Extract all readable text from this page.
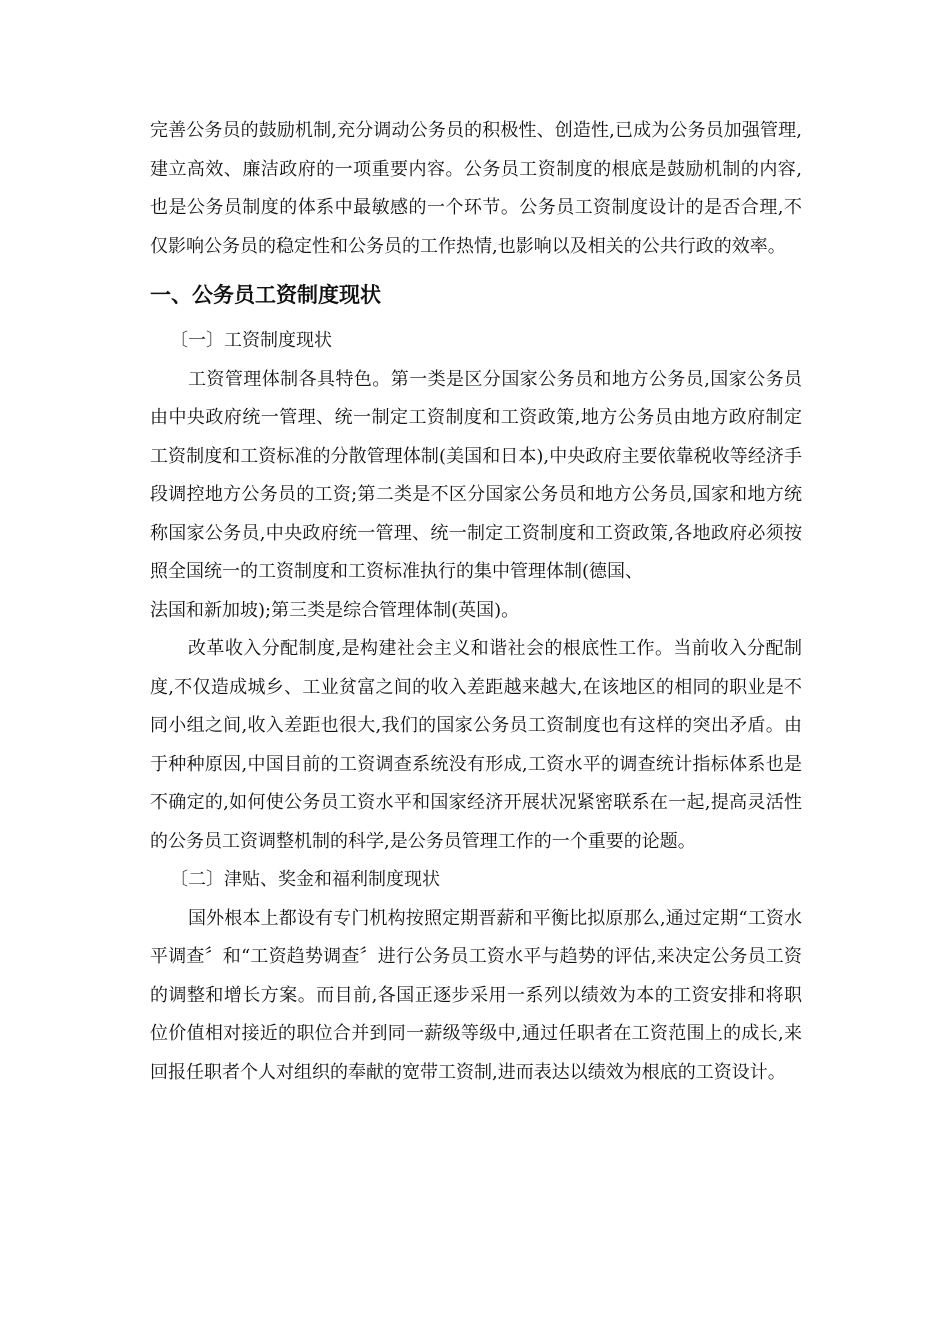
完善公务员的鼓励机制,充分调动公务员的积极性、创造性,已成为公务员加强管理,建立高效、廉洁政府的一项重要内容。公务员工资制度的根底是鼓励机制的内容,也是公务员制度的体系中最敏感的一个环节。公务员工资制度设计的是否合理,不仅影响公务员的稳定性和公务员的工作热情,也影响以及相关的公共行政的效率。

一、公务员工资制度现状

〔一〕工资制度现状

工资管理体制各具特色。第一类是区分国家公务员和地方公务员,国家公务员由中央政府统一管理、统一制定工资制度和工资政策,地方公务员由地方政府制定工资制度和工资标准的分散管理体制(美国和日本),中央政府主要依靠税收等经济手段调控地方公务员的工资;第二类是不区分国家公务员和地方公务员,国家和地方统称国家公务员,中央政府统一管理、统一制定工资制度和工资政策,各地政府必须按照全国统一的工资制度和工资标准执行的集中管理体制(德国、

法国和新加坡);第三类是综合管理体制(英国)。

改革收入分配制度,是构建社会主义和谐社会的根底性工作。当前收入分配制度,不仅造成城乡、工业贫富之间的收入差距越来越大,在该地区的相同的职业是不同小组之间,收入差距也很大,我们的国家公务员工资制度也有这样的突出矛盾。由于种种原因,中国目前的工资调查系统没有形成,工资水平的调查统计指标体系也是不确定的,如何使公务员工资水平和国家经济开展状况紧密联系在一起,提高灵活性的公务员工资调整机制的科学,是公务员管理工作的一个重要的论题。

〔二〕津贴、奖金和福利制度现状

国外根本上都设有专门机构按照定期晋薪和平衡比拟原那么,通过定期“工资水平调查〞和“工资趋势调查〞进行公务员工资水平与趋势的评估,来决定公务员工资的调整和增长方案。而目前,各国正逐步采用一系列以绩效为本的工资安排和将职位价值相对接近的职位合并到同一薪级等级中,通过任职者在工资范围上的成长,来回报任职者个人对组织的奉献的宽带工资制,进而表达以绩效为根底的工资设计。
